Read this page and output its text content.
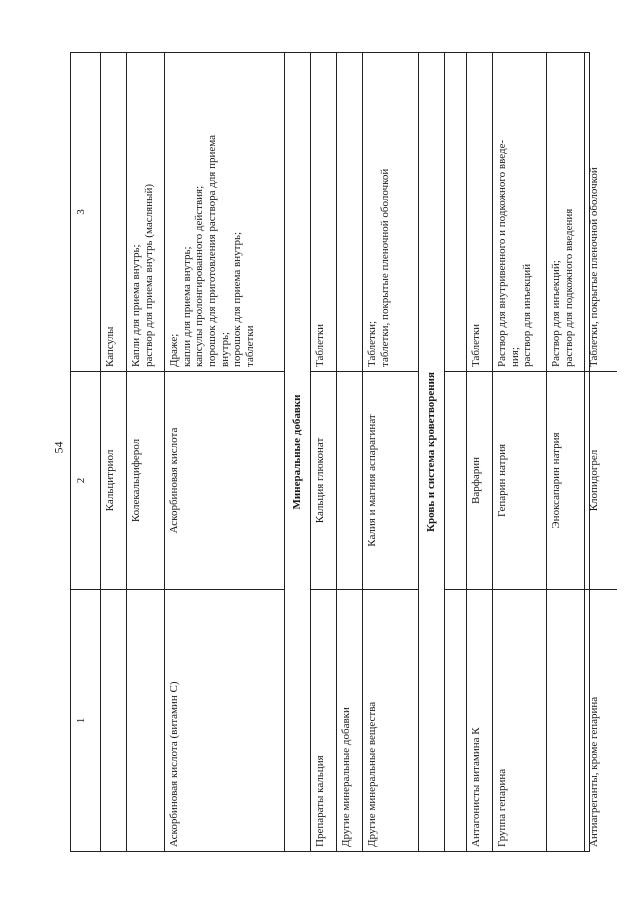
54
1
2
3
Кальцитриол
Капсулы
Колекальциферол
Капли для приема внутрь; раствор для приема внутрь (масляный)
Аскорбиновая кислота (витамин С)
Аскорбиновая кислота
Драже; капли для приема внутрь; капсулы пролонгированного действия; порошок для приготовления раствора для приема внутрь; порошок для приема внутрь; таблетки
Минеральные добавки
Препараты кальция
Кальция глюконат
Таблетки
Другие минеральные добавки	Другие минеральные вещества
Калия и магния аспарагинат
Таблетки; таблетки, покрытые пленочной оболочкой
Кровь и система кроветворения
Антагонисты витамина К
Варфарин
Таблетки
Группа гепарина
Гепарин натрия
Раствор для внутривенного и подкожного введе- ния; раствор для инъекций
Эноксапарин натрия
Раствор для инъекций; раствор для подкожного введения
Антиагреганты, кроме гепарина
Клопидогрел
Таблетки, покрытые пленочной оболочкой
